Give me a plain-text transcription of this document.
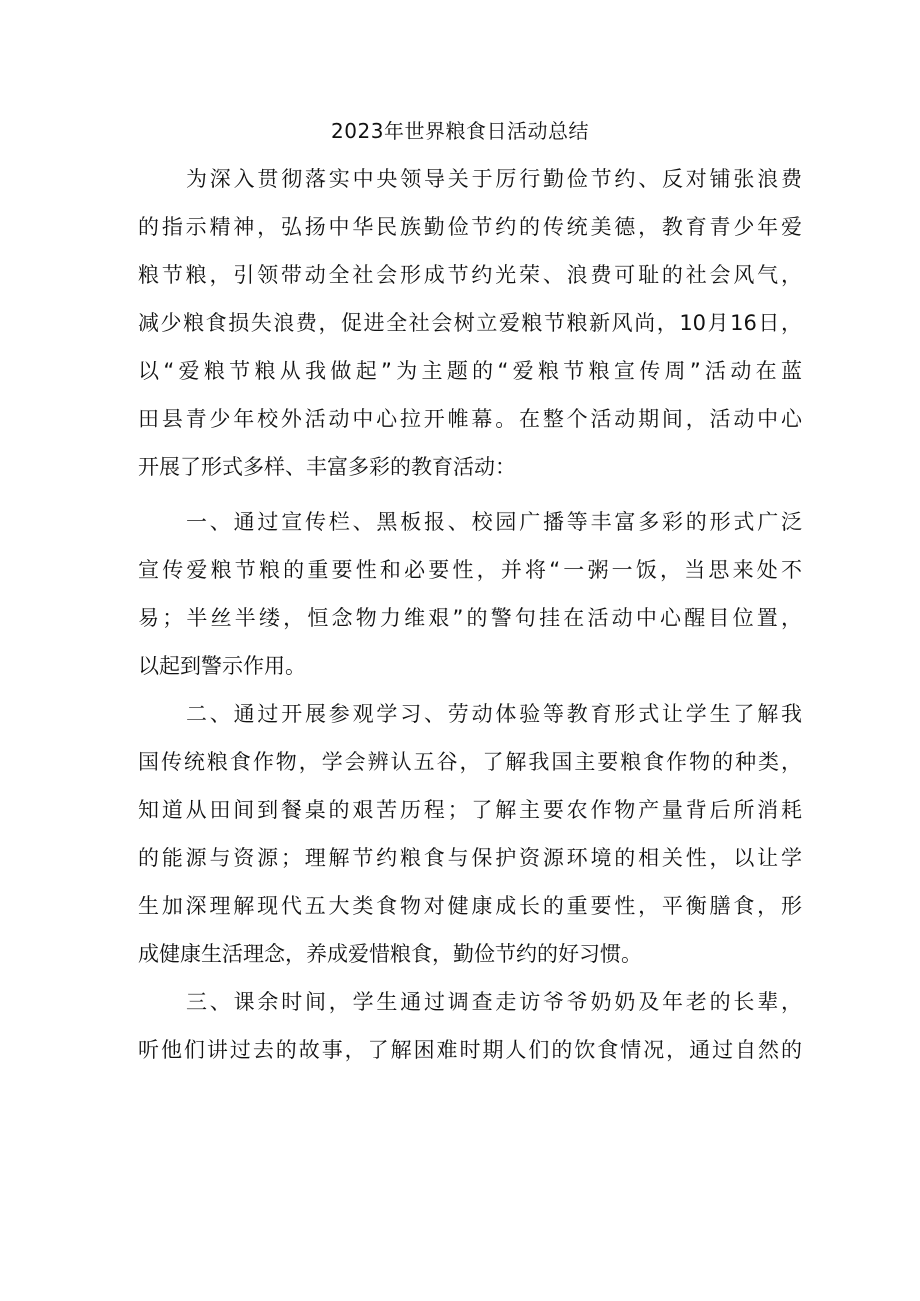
2023年世界粮食日活动总结
为深入贯彻落实中央领导关于厉行勤俭节约、反对铺张浪费
的指示精神，弘扬中华民族勤俭节约的传统美德，教育青少年爱
粮节粮，引领带动全社会形成节约光荣、浪费可耻的社会风气，
减少粮食损失浪费，促进全社会树立爱粮节粮新风尚，10月16日，
以“爱粮节粮从我做起”为主题的“爱粮节粮宣传周”活动在蓝
田县青少年校外活动中心拉开帷幕。在整个活动期间，活动中心
开展了形式多样、丰富多彩的教育活动：
一、通过宣传栏、黑板报、校园广播等丰富多彩的形式广泛
宣传爱粮节粮的重要性和必要性，并将“一粥一饭，当思来处不
易；半丝半缕，恒念物力维艰”的警句挂在活动中心醒目位置，
以起到警示作用。
二、通过开展参观学习、劳动体验等教育形式让学生了解我
国传统粮食作物，学会辨认五谷，了解我国主要粮食作物的种类，
知道从田间到餐桌的艰苦历程；了解主要农作物产量背后所消耗
的能源与资源；理解节约粮食与保护资源环境的相关性，以让学
生加深理解现代五大类食物对健康成长的重要性，平衡膳食，形
成健康生活理念，养成爱惜粮食，勤俭节约的好习惯。
三、课余时间，学生通过调查走访爷爷奶奶及年老的长辈，
听他们讲过去的故事，了解困难时期人们的饮食情况，通过自然的
